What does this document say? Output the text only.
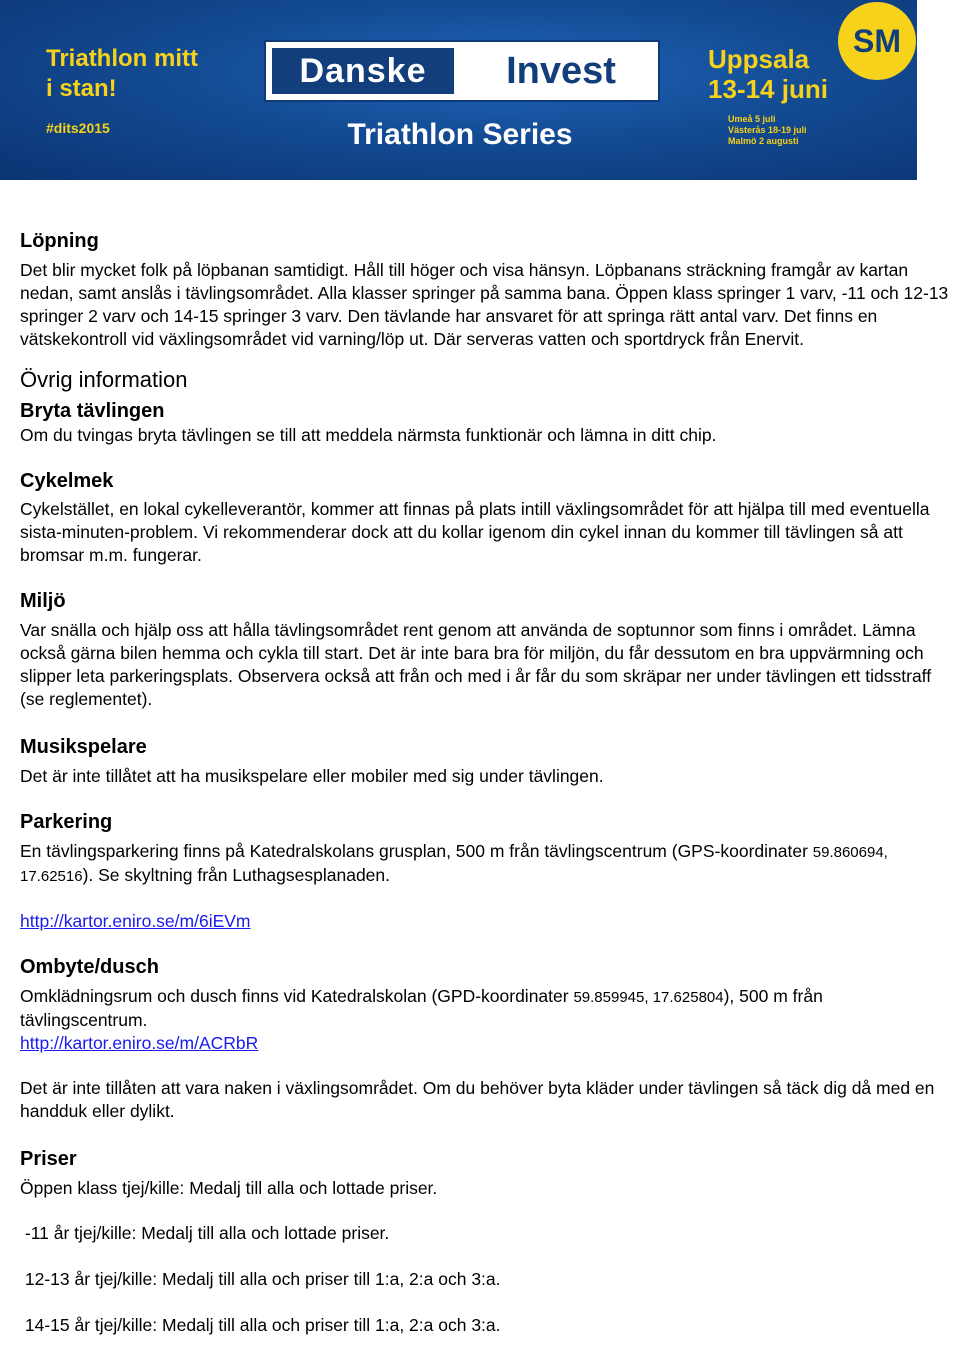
Triathlon mitt
i stan!
#dits2015
Danske	Invest
Triathlon Series
Uppsala
13-14 juni
Umeå 5 juli
Västerås 18-19 juli
Malmö 2 augusti
SM
Löpning

Det blir mycket folk på löpbanan samtidigt. Håll till höger och visa hänsyn. Löpbanans sträckning framgår av kartan nedan, samt anslås i tävlingsområdet. Alla klasser springer på samma bana. Öppen klass springer 1 varv, -11 och 12-13 springer 2 varv och 14-15 springer 3 varv. Den tävlande har ansvaret för att springa rätt antal varv. Det finns en vätskekontroll vid växlingsområdet vid varning/löp ut. Där serveras vatten och sportdryck från Enervit.

Övrig information
Bryta tävlingen

Om du tvingas bryta tävlingen se till att meddela närmsta funktionär och lämna in ditt chip.

Cykelmek

Cykelstället, en lokal cykelleverantör, kommer att finnas på plats intill växlingsområdet för att hjälpa till med eventuella sista-minuten-problem. Vi rekommenderar dock att du kollar igenom din cykel innan du kommer till tävlingen så att bromsar m.m. fungerar.

Miljö

Var snälla och hjälp oss att hålla tävlingsområdet rent genom att använda de soptunnor som finns i området. Lämna också gärna bilen hemma och cykla till start. Det är inte bara bra för miljön, du får dessutom en bra uppvärmning och slipper leta parkeringsplats. Observera också att från och med i år får du som skräpar ner under tävlingen ett tidsstraff (se reglementet).

Musikspelare

Det är inte tillåtet att ha musikspelare eller mobiler med sig under tävlingen.

Parkering

En tävlingsparkering finns på Katedralskolans grusplan, 500 m från tävlingscentrum (GPS-koordinater 59.860694, 17.62516). Se skyltning från Luthagsesplanaden.

http://kartor.eniro.se/m/6iEVm

Ombyte/dusch

Omklädningsrum och dusch finns vid Katedralskolan (GPD-koordinater 59.859945, 17.625804), 500 m från tävlingscentrum.

http://kartor.eniro.se/m/ACRbR

Det är inte tillåten att vara naken i växlingsområdet. Om du behöver byta kläder under tävlingen så täck dig då med en handduk eller dylikt.

Priser

Öppen klass tjej/kille: Medalj till alla och lottade priser.

-11 år tjej/kille: Medalj till alla och lottade priser.

12-13 år tjej/kille: Medalj till alla och priser till 1:a, 2:a och 3:a.

14-15 år tjej/kille: Medalj till alla och priser till 1:a, 2:a och 3:a.
